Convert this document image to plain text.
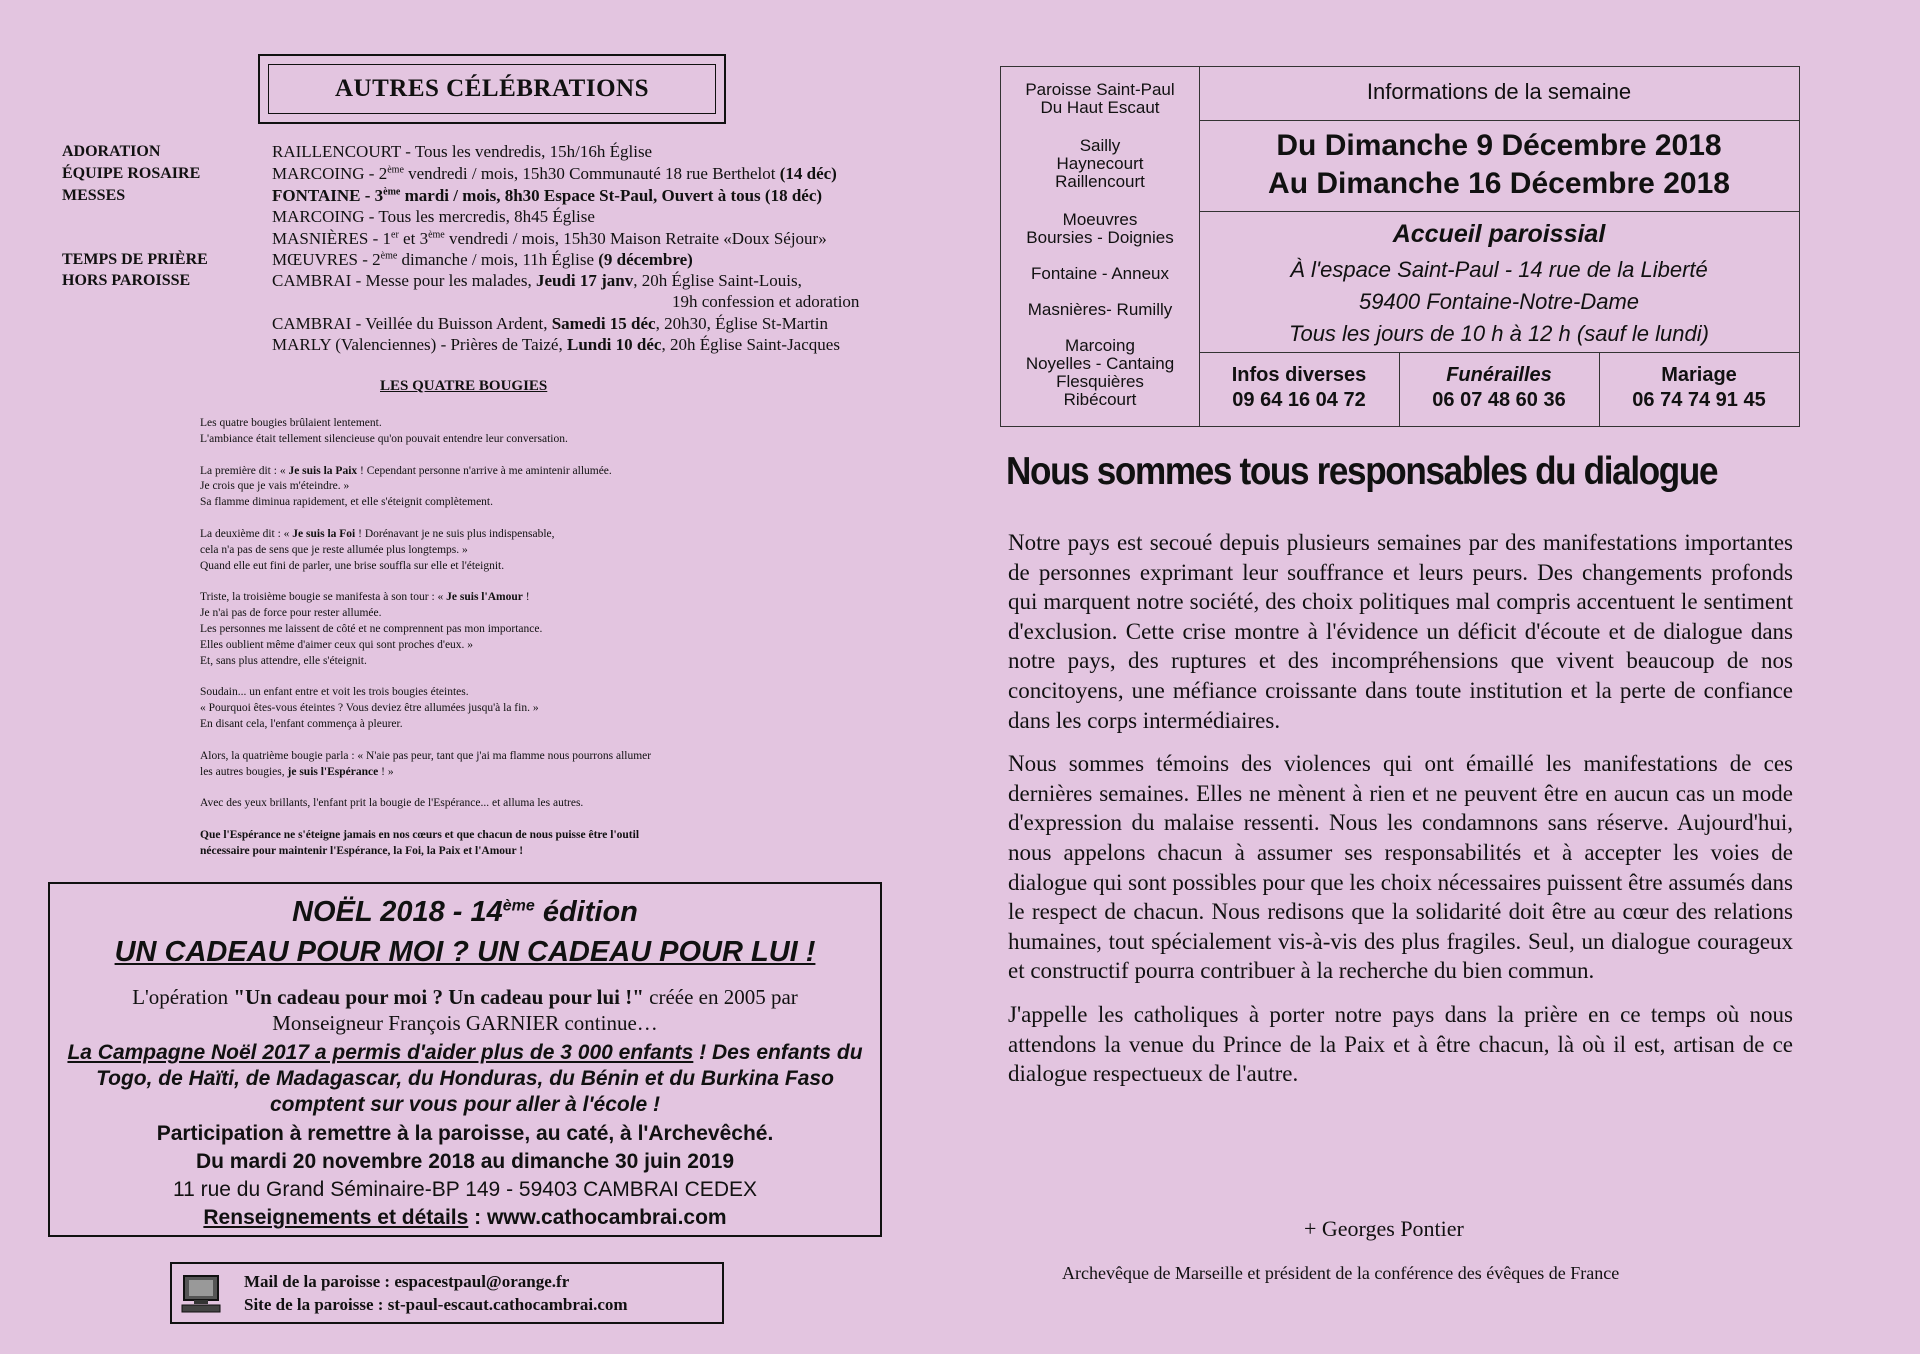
AUTRES CÉLÉBRATIONS
ADORATION
ÉQUIPE ROSAIRE
MESSES
TEMPS DE PRIÈRE
HORS PAROISSE
RAILLENCOURT - Tous les vendredis, 15h/16h Église
MARCOING - 2ème vendredi / mois, 15h30 Communauté 18 rue Berthelot (14 déc)
FONTAINE - 3ème mardi / mois, 8h30 Espace St-Paul, Ouvert à tous (18 déc)
MARCOING - Tous les mercredis, 8h45 Église
MASNIÈRES - 1er et 3ème vendredi / mois, 15h30 Maison Retraite «Doux Séjour»
MŒUVRES - 2ème dimanche / mois, 11h Église (9 décembre)
CAMBRAI - Messe pour les malades, Jeudi 17 janv, 20h Église Saint-Louis,
19h confession et adoration
CAMBRAI - Veillée du Buisson Ardent, Samedi 15 déc, 20h30, Église St-Martin
MARLY (Valenciennes) - Prières de Taizé, Lundi 10 déc, 20h Église Saint-Jacques
LES QUATRE BOUGIES

Les quatre bougies brûlaient lentement.
L'ambiance était tellement silencieuse qu'on pouvait entendre leur conversation.

La première dit : « Je suis la Paix ! Cependant personne n'arrive à me amintenir allumée.
Je crois que je vais m'éteindre. »
Sa flamme diminua rapidement, et elle s'éteignit complètement.

La deuxième dit : « Je suis la Foi ! Dorénavant je ne suis plus indispensable,
cela n'a pas de sens que je reste allumée plus longtemps. »
Quand elle eut fini de parler, une brise souffla sur elle et l'éteignit.

Triste, la troisième bougie se manifesta à son tour : « Je suis l'Amour !
Je n'ai pas de force pour rester allumée.
Les personnes me laissent de côté et ne comprennent pas mon importance.
Elles oublient même d'aimer ceux qui sont proches d'eux. »
Et, sans plus attendre, elle s'éteignit.

Soudain... un enfant entre et voit les trois bougies éteintes.
« Pourquoi êtes-vous éteintes ? Vous deviez être allumées jusqu'à la fin. »
En disant cela, l'enfant commença à pleurer.

Alors, la quatrième bougie parla : « N'aie pas peur, tant que j'ai ma flamme nous pourrons allumer
les autres bougies, je suis l'Espérance ! »

Avec des yeux brillants, l'enfant prit la bougie de l'Espérance... et alluma les autres.

Que l'Espérance ne s'éteigne jamais en nos cœurs et que chacun de nous puisse être l'outil
nécessaire pour maintenir l'Espérance, la Foi, la Paix et l'Amour !

NOËL 2018 - 14ème édition
UN CADEAU POUR MOI ? UN CADEAU POUR LUI !
L'opération "Un cadeau pour moi ? Un cadeau pour lui !" créée en 2005 par
Monseigneur François GARNIER continue…
La Campagne Noël 2017 a permis d'aider plus de 3 000 enfants ! Des enfants du Togo, de Haïti, de Madagascar, du Honduras, du Bénin et du Burkina Faso comptent sur vous pour aller à l'école !
Participation à remettre à la paroisse, au caté, à l'Archevêché.
Du mardi 20 novembre 2018 au dimanche 30 juin 2019
11 rue du Grand Séminaire-BP 149 - 59403 CAMBRAI CEDEX
Renseignements et détails : www.cathocambrai.com
Mail de la paroisse : espacestpaul@orange.fr
Site de la paroisse : st-paul-escaut.cathocambrai.com
Paroisse Saint-Paul
Du Haut Escaut
Sailly
Haynecourt
Raillencourt
Moeuvres
Boursies - Doignies
Fontaine - Anneux
Masnières- Rumilly
Marcoing
Noyelles - Cantaing
Flesquières
Ribécourt
Informations de la semaine
Du Dimanche 9 Décembre 2018
Au Dimanche 16 Décembre 2018
Accueil paroissial
À l'espace Saint-Paul - 14 rue de la Liberté
59400 Fontaine-Notre-Dame
Tous les jours de 10 h à 12 h (sauf le lundi)
Infos diverses
09 64 16 04 72
Funérailles
06 07 48 60 36
Mariage
06 74 74 91 45
Nous sommes tous responsables du dialogue

Notre pays est secoué depuis plusieurs semaines par des manifestations importantes de personnes exprimant leur souffrance et leurs peurs. Des changements profonds qui marquent notre société, des choix politiques mal compris accentuent le sentiment d'exclusion. Cette crise montre à l'évidence un déficit d'écoute et de dialogue dans notre pays, des ruptures et des incompréhensions que vivent beaucoup de nos concitoyens, une méfiance croissante dans toute institution et la perte de confiance dans les corps intermédiaires.

Nous sommes témoins des violences qui ont émaillé les manifestations de ces dernières semaines. Elles ne mènent à rien et ne peuvent être en aucun cas un mode d'expression du malaise ressenti. Nous les condamnons sans réserve. Aujourd'hui, nous appelons chacun à assumer ses responsabilités et à accepter les voies de dialogue qui sont possibles pour que les choix nécessaires puissent être assumés dans le respect de chacun. Nous redisons que la solidarité doit être au cœur des relations humaines, tout spécialement vis-à-vis des plus fragiles. Seul, un dialogue courageux et constructif pourra contribuer à la recherche du bien commun.

J'appelle les catholiques à porter notre pays dans la prière en ce temps où nous attendons la venue du Prince de la Paix et à être chacun, là où il est, artisan de ce dialogue respectueux de l'autre.

+ Georges Pontier
Archevêque de Marseille et président de la conférence des évêques de France
